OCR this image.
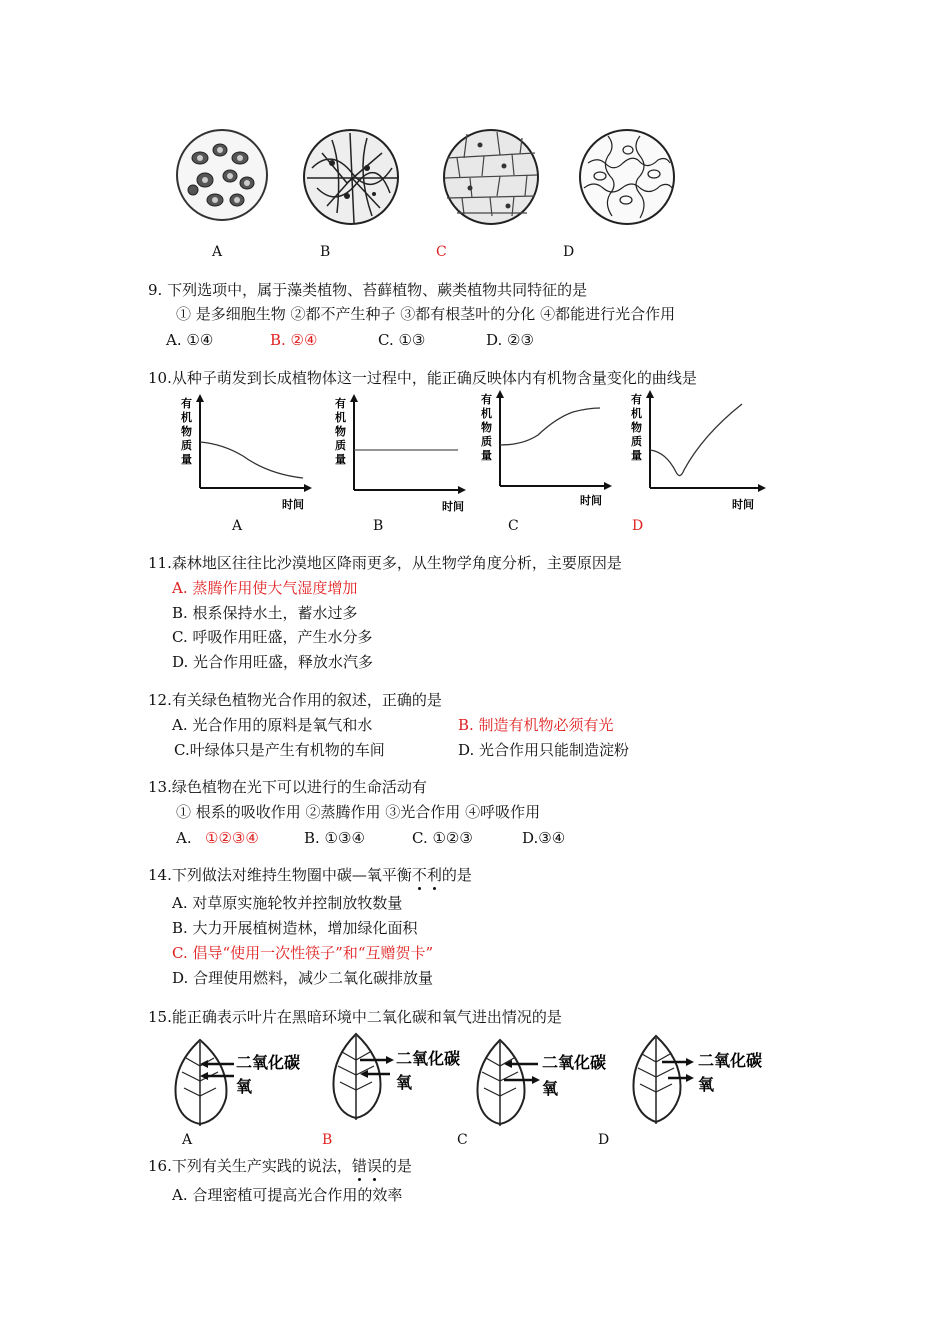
A	B	C	D
9. 下列选项中，属于藻类植物、苔藓植物、蕨类植物共同特征的是
① 是多细胞生物 ②都不产生种子 ③都有根茎叶的分化 ④都能进行光合作用
A. ①④	B. ②④	C. ①③	D. ②③
10.从种子萌发到长成植物体这一过程中，能正确反映体内有机物含量变化的曲线是
有
机
物
质
量
时间
有
机
物
质
量
时间
有
机
物
质
量
时间
有
机
物
质
量
时间
A	B	C	D
11.森林地区往往比沙漠地区降雨更多，从生物学角度分析，主要原因是
A. 蒸腾作用使大气湿度增加
B. 根系保持水土，蓄水过多
C. 呼吸作用旺盛，产生水分多
D. 光合作用旺盛，释放水汽多
12.有关绿色植物光合作用的叙述，正确的是
A. 光合作用的原料是氧气和水	B. 制造有机物必须有光
C.叶绿体只是产生有机物的车间	D. 光合作用只能制造淀粉
13.绿色植物在光下可以进行的生命活动有
① 根系的吸收作用 ②蒸腾作用 ③光合作用 ④呼吸作用
A. ①②③④	B. ①③④	C. ①②③	D.③④
14.下列做法对维持生物圈中碳—氧平衡不利的是
A. 对草原实施轮牧并控制放牧数量
B. 大力开展植树造林，增加绿化面积
C. 倡导“使用一次性筷子”和“互赠贺卡”
D. 合理使用燃料，减少二氧化碳排放量
15.能正确表示叶片在黑暗环境中二氧化碳和氧气进出情况的是
二氧化碳
氧
二氧化碳
氧
二氧化碳
氧
二氧化碳
氧
A	B	C	D
16.下列有关生产实践的说法，错误的是
A. 合理密植可提高光合作用的效率
